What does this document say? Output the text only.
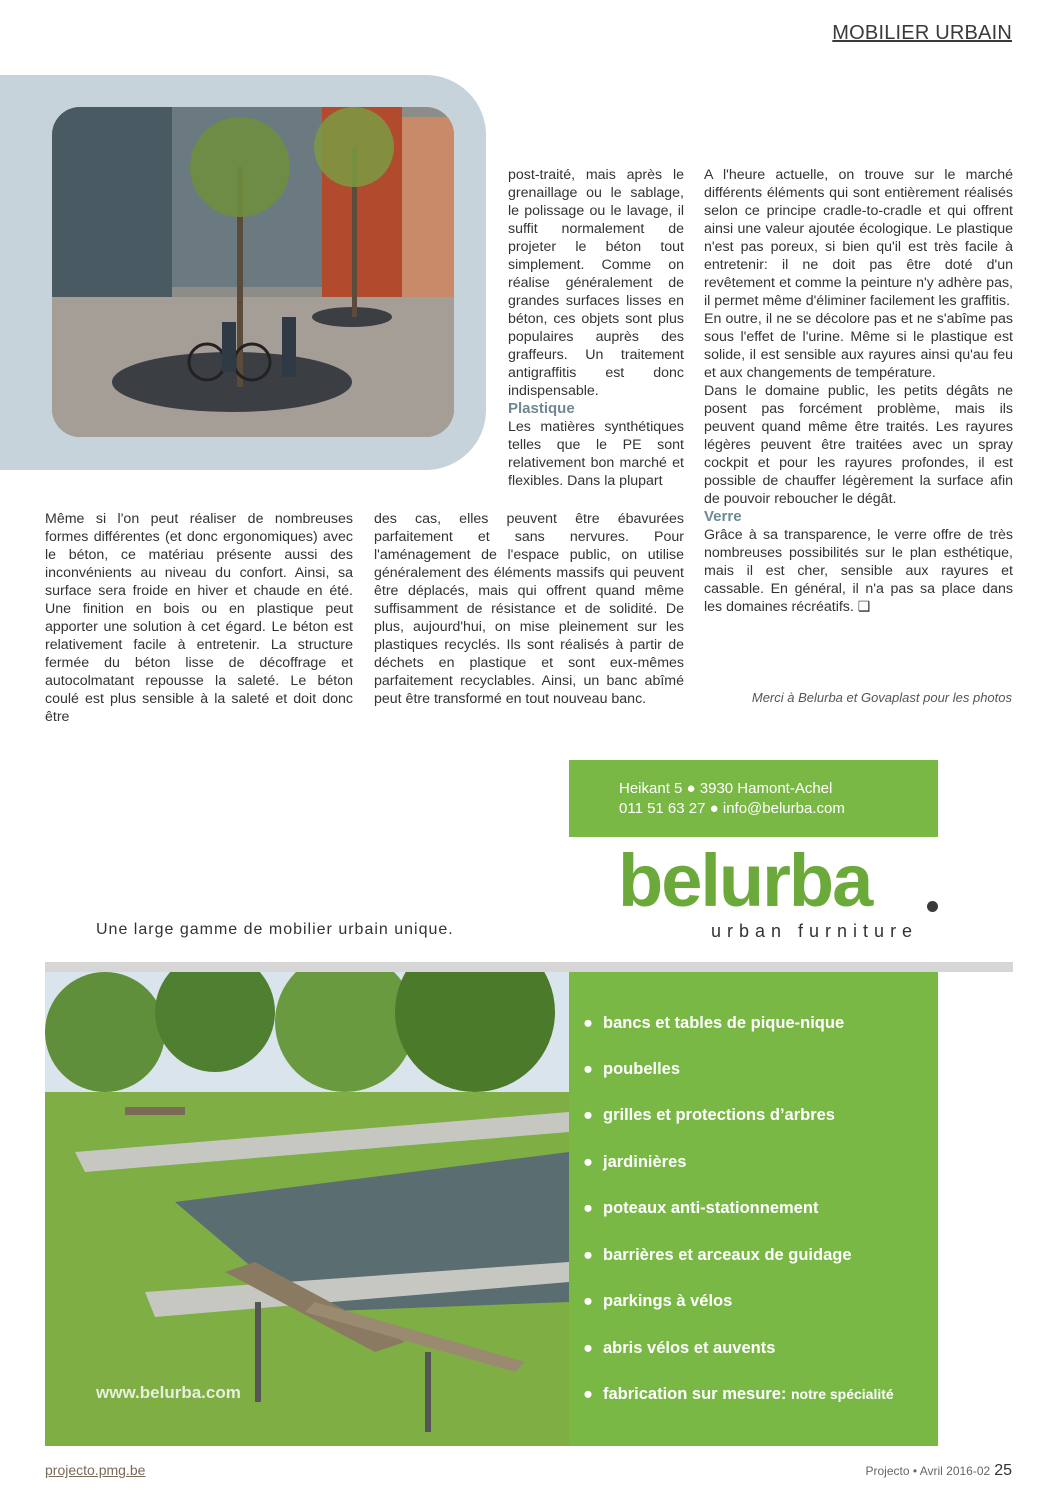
MOBILIER URBAIN

Même si l'on peut réaliser de nombreuses formes différentes (et donc ergonomiques) avec le béton, ce matériau présente aussi des inconvénients au niveau du confort. Ainsi, sa surface sera froide en hiver et chaude en été. Une finition en bois ou en plastique peut apporter une solution à cet égard. Le béton est relativement facile à entretenir. La structure fermée du béton lisse de décoffrage et autocolmatant repousse la saleté. Le béton coulé est plus sensible à la saleté et doit donc être

post-traité, mais après le grenaillage ou le sablage, le polissage ou le lavage, il suffit normalement de projeter le béton tout simplement. Comme on réalise généralement de grandes surfaces lisses en béton, ces objets sont plus populaires auprès des graffeurs. Un traitement antigraffitis est donc indispensable.

Plastique

Les matières synthétiques telles que le PE sont relativement bon marché et flexibles. Dans la plupart

des cas, elles peuvent être ébavurées parfaitement et sans nervures. Pour l'aménagement de l'espace public, on utilise généralement des éléments massifs qui peuvent être déplacés, mais qui offrent quand même suffisamment de résistance et de solidité. De plus, aujourd'hui, on mise pleinement sur les plastiques recyclés. Ils sont réalisés à partir de déchets en plastique et sont eux-mêmes parfaitement recyclables. Ainsi, un banc abîmé peut être transformé en tout nouveau banc.

A l'heure actuelle, on trouve sur le marché différents éléments qui sont entièrement réalisés selon ce principe cradle-to-cradle et qui offrent ainsi une valeur ajoutée écologique. Le plastique n'est pas poreux, si bien qu'il est très facile à entretenir: il ne doit pas être doté d'un revêtement et comme la peinture n'y adhère pas, il permet même d'éliminer facilement les graffitis.

En outre, il ne se décolore pas et ne s'abîme pas sous l'effet de l'urine. Même si le plastique est solide, il est sensible aux rayures ainsi qu'au feu et aux changements de température.

Dans le domaine public, les petits dégâts ne posent pas forcément problème, mais ils peuvent quand même être traités. Les rayures légères peuvent être traitées avec un spray cockpit et pour les rayures profondes, il est possible de chauffer légèrement la surface afin de pouvoir reboucher le dégât.

Verre

Grâce à sa transparence, le verre offre de très nombreuses possibilités sur le plan esthétique, mais il est cher, sensible aux rayures et cassable. En général, il n'a pas sa place dans les domaines récréatifs. ❑

Merci à Belurba et Govaplast pour les photos
Heikant 5 ● 3930 Hamont-Achel
011 51 63 27 ● info@belurba.com
belurba
urban furniture
Une large gamme de mobilier urbain unique.
www.belurba.com
● bancs et tables de pique-nique
● poubelles
● grilles et protections d’arbres
● jardinières
● poteaux anti-stationnement
● barrières et arceaux de guidage
● parkings à vélos
● abris vélos et auvents
● fabrication sur mesure: notre spécialité
projecto.pmg.be	Projecto • Avril 2016-02 25
